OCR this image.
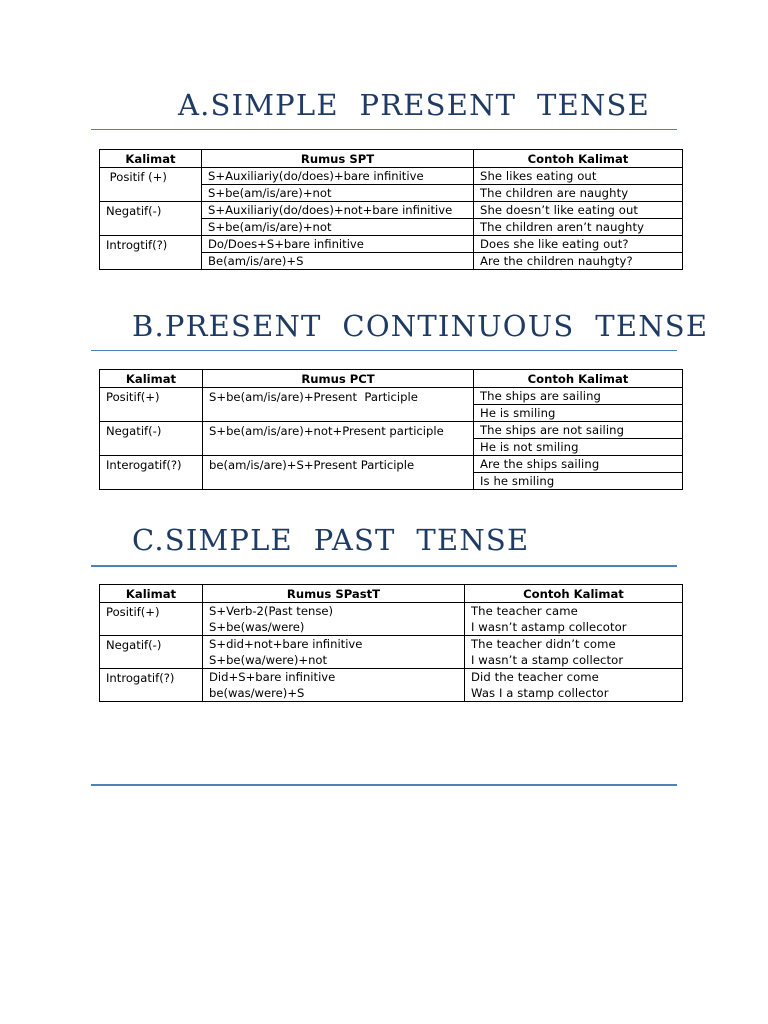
A.SIMPLE  PRESENT  TENSE
Kalimat	Rumus SPT	Contoh Kalimat
Positif (+)	S+Auxiliariy(do/does)+bare infinitive	She likes eating out
	S+be(am/is/are)+not	The children are naughty
Negatif(-)	S+Auxiliariy(do/does)+not+bare infinitive	She doesn’t like eating out
	S+be(am/is/are)+not	The children aren’t naughty
Introgtif(?)	Do/Does+S+bare infinitive	Does she like eating out?
	Be(am/is/are)+S	Are the children nauhgty?
B.PRESENT  CONTINUOUS  TENSE
Kalimat	Rumus PCT	Contoh Kalimat
Positif(+)	S+be(am/is/are)+Present  Participle	The ships are sailing
		He is smiling
Negatif(-)	S+be(am/is/are)+not+Present participle	The ships are not sailing
		He is not smiling
Interogatif(?)	be(am/is/are)+S+Present Participle	Are the ships sailing
		Is he smiling
C.SIMPLE  PAST  TENSE
Kalimat	Rumus SPastT	Contoh Kalimat
Positif(+)	S+Verb-2(Past tense)	The teacher came
	S+be(was/were)	I wasn’t astamp collecotor
Negatif(-)	S+did+not+bare infinitive	The teacher didn’t come
	S+be(wa/were)+not	I wasn’t a stamp collector
Introgatif(?)	Did+S+bare infinitive	Did the teacher come
	be(was/were)+S	Was I a stamp collector
